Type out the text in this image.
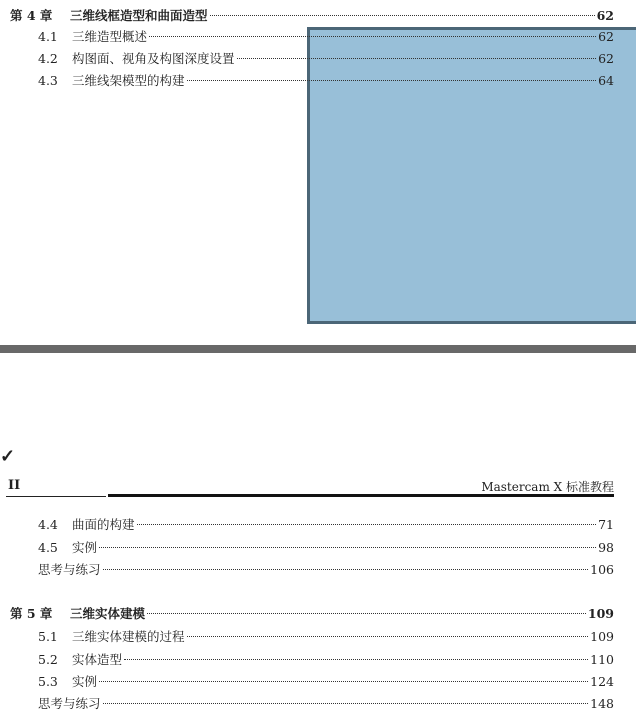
第 4 章	三维线框造型和曲面造型	62
4.1	三维造型概述	62
4.2	构图面、视角及构图深度设置	62
4.3	三维线架模型的构建	64
✓
II	Mastercam X 标准教程
4.4	曲面的构建	71
4.5	实例	98
思考与练习	106
第 5 章	三维实体建模	109
5.1	三维实体建模的过程	109
5.2	实体造型	110
5.3	实例	124
思考与练习	148
